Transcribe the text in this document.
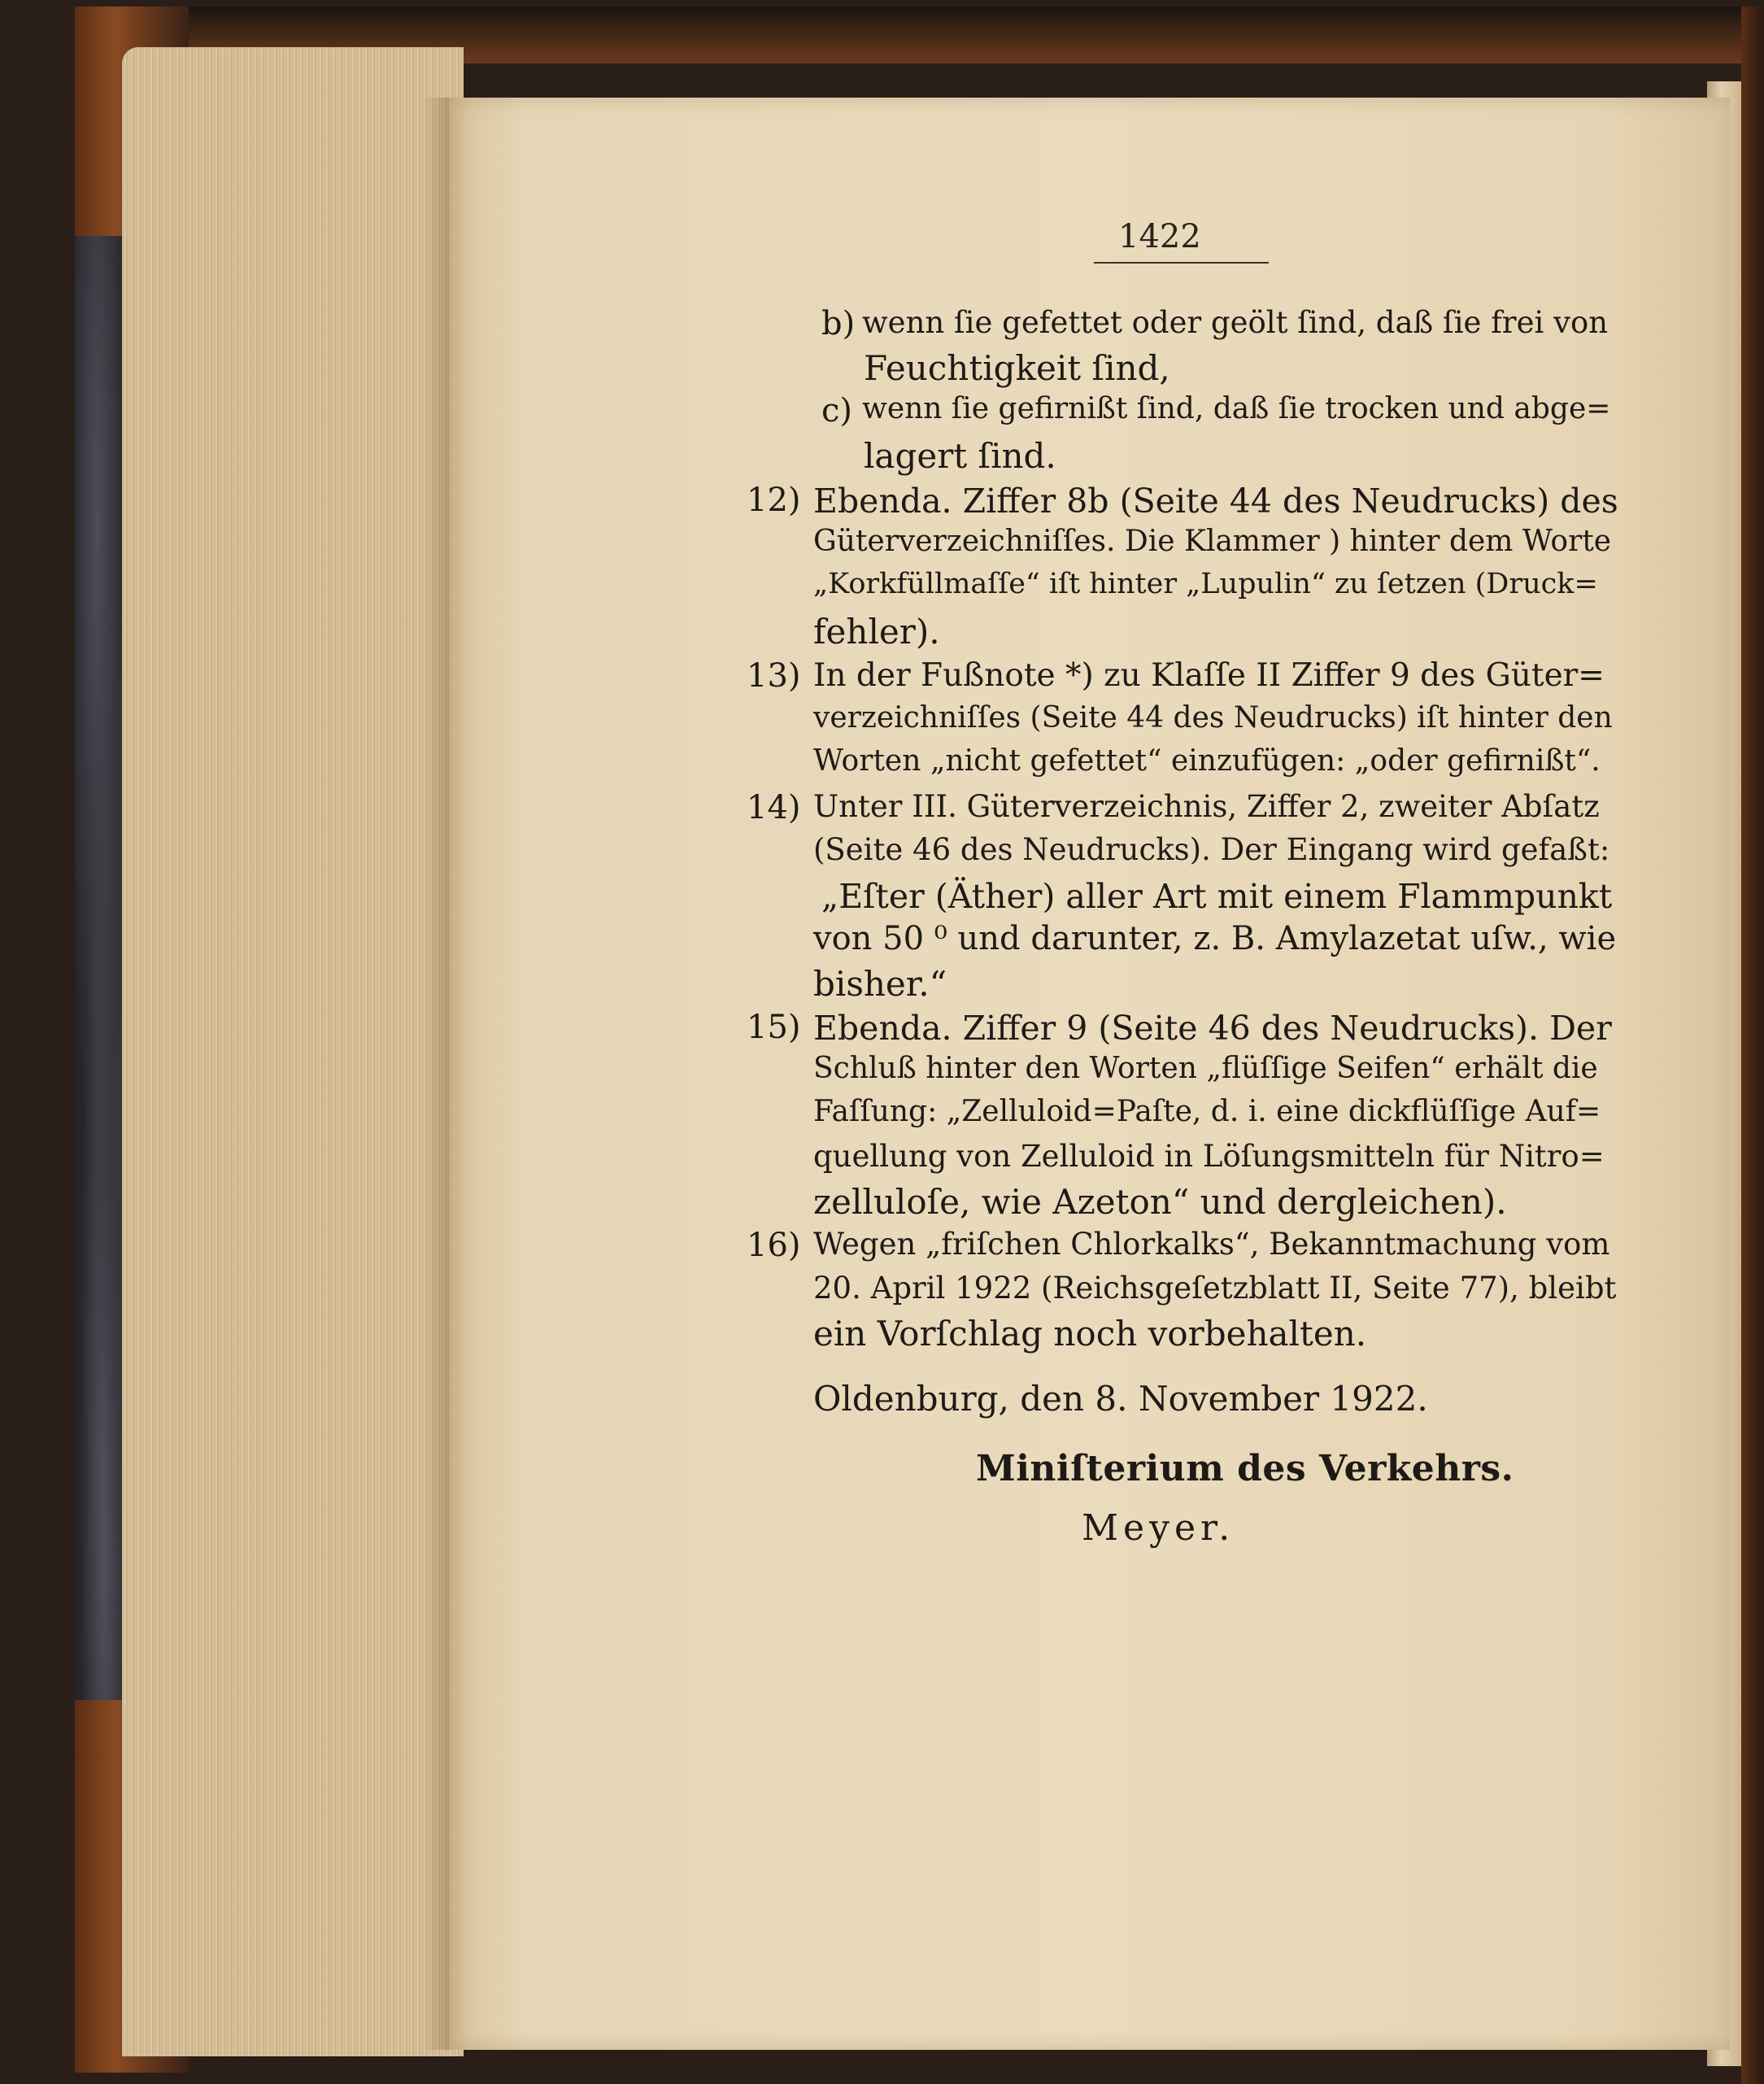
1422
b) wenn ſie gefettet oder geölt ſind, daß ſie frei von
Feuchtigkeit ſind,
c) wenn ſie gefirnißt ſind, daß ſie trocken und abge=
lagert ſind.
12) Ebenda. Ziffer 8b (Seite 44 des Neudrucks) des
Güterverzeichniſſes. Die Klammer ) hinter dem Worte
„Korkfüllmaſſe“ iſt hinter „Lupulin“ zu ſetzen (Druck=
fehler).
13) In der Fußnote *) zu Klaſſe II Ziffer 9 des Güter=
verzeichniſſes (Seite 44 des Neudrucks) iſt hinter den
Worten „nicht gefettet“ einzufügen: „oder gefirnißt“.
14) Unter III. Güterverzeichnis, Ziffer 2, zweiter Abſatz
(Seite 46 des Neudrucks). Der Eingang wird gefaßt:
„Eſter (Äther) aller Art mit einem Flammpunkt
von 50 ⁰ und darunter, z. B. Amylazetat uſw., wie
bisher.“
15) Ebenda. Ziffer 9 (Seite 46 des Neudrucks). Der
Schluß hinter den Worten „flüſſige Seifen“ erhält die
Faſſung: „Zelluloid=Paſte, d. i. eine dickflüſſige Auf=
quellung von Zelluloid in Löſungsmitteln für Nitro=
zelluloſe, wie Azeton“ und dergleichen).
16) Wegen „friſchen Chlorkalks“, Bekanntmachung vom
20. April 1922 (Reichsgeſetzblatt II, Seite 77), bleibt
ein Vorſchlag noch vorbehalten.
Oldenburg, den 8. November 1922.
Miniſterium des Verkehrs.
Meyer.
